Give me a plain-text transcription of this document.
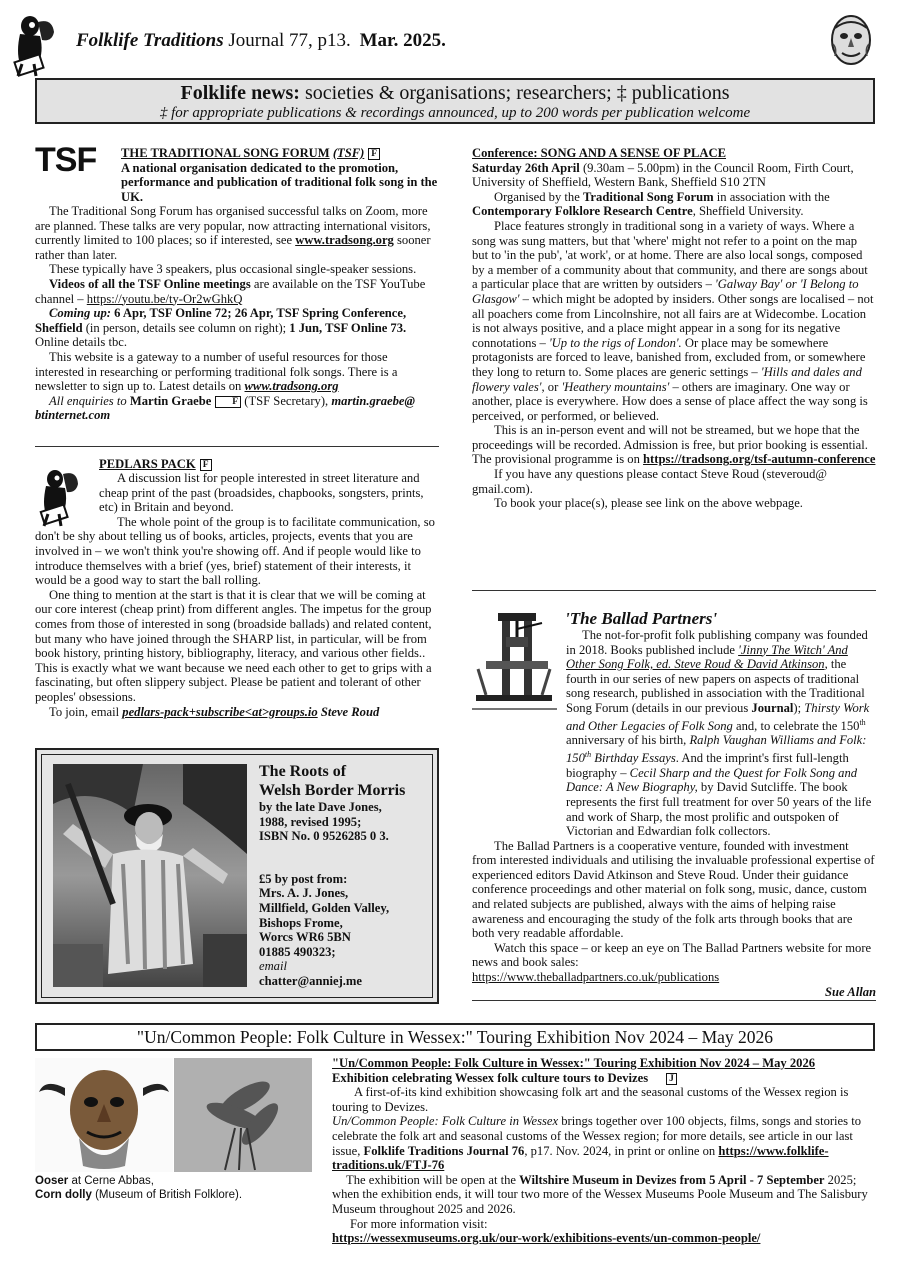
Folklife Traditions Journal 77, p13. Mar. 2025.
Folklife news: societies & organisations; researchers; ‡ publications
‡ for appropriate publications & recordings announced, up to 200 words per publication welcome
TSF THE TRADITIONAL SONG FORUM (TSF) F
A national organisation dedicated to the promotion, performance and publication of traditional folk song in the UK.

The Traditional Song Forum has organised successful talks on Zoom, more are planned. These talks are very popular, now attracting international visitors, currently limited to 100 places; so if interested, see www.tradsong.org sooner rather than later.

These typically have 3 speakers, plus occasional single-speaker sessions.

Videos of all the TSF Online meetings are available on the TSF YouTube channel – https://youtu.be/ty-Or2wGhkQ

Coming up: 6 Apr, TSF Online 72; 26 Apr, TSF Spring Conference, Sheffield (in person, details see column on right); 1 Jun, TSF Online 73. Online details tbc.

This website is a gateway to a number of useful resources for those interested in researching or performing traditional folk songs. There is a newsletter to sign up to. Latest details on www.tradsong.org

All enquiries to Martin Graebe F (TSF Secretary), martin.graebe@ btinternet.com

PEDLARS PACK F

A discussion list for people interested in street literature and cheap print of the past (broadsides, chapbooks, songsters, prints, etc) in Britain and beyond.

The whole point of the group is to facilitate communication, so don't be shy about telling us of books, articles, projects, events that you are involved in – we won't think you're showing off. And if people would like to introduce themselves with a brief (yes, brief) statement of their interests, it would be a good way to start the ball rolling.

One thing to mention at the start is that it is clear that we will be coming at our core interest (cheap print) from different angles. The impetus for the group comes from those of interested in song (broadside ballads) and related content, but many who have joined through the SHARP list, in particular, will be from book history, printing history, bibliography, literacy, and various other fields.. This is exactly what we want because we need each other to get to grips with a fascinating, but often slippery subject. Please be patient and tolerant of other peoples' obsessions.

To join, email pedlars-pack+subscribe<at>groups.io Steve Roud

The Roots of
Welsh Border Morris
by the late Dave Jones,
1988, revised 1995;
ISBN No. 0 9526285 0 3.
£5 by post from:
Mrs. A. J. Jones,
Millfield, Golden Valley,
Bishops Frome,
Worcs WR6 5BN
01885 490323;
email
chatter@anniej.me

Conference: SONG AND A SENSE OF PLACE

Saturday 26th April (9.30am – 5.00pm) in the Council Room, Firth Court, University of Sheffield, Western Bank, Sheffield S10 2TN

Organised by the Traditional Song Forum in association with the Contemporary Folklore Research Centre, Sheffield University.

Place features strongly in traditional song in a variety of ways. Where a song was sung matters, but that 'where' might not refer to a point on the map but to 'in the pub', 'at work', or at home. There are also local songs, composed by a member of a community about that community, and there are songs about a particular place that are written by outsiders – 'Galway Bay' or 'I Belong to Glasgow' – which might be adopted by insiders. Other songs are localised – not all poachers come from Lincolnshire, not all fairs are at Widecombe. Location is not always positive, and a place might appear in a song for its negative connotations – 'Up to the rigs of London'. Or place may be somewhere protagonists are forced to leave, banished from, excluded from, or somewhere they long to return to. Some places are generic settings – 'Hills and dales and flowery vales', or 'Heathery mountains' – others are imaginary. One way or another, place is everywhere. How does a sense of place affect the way song is perceived, or performed, or believed.

This is an in-person event and will not be streamed, but we hope that the proceedings will be recorded. Admission is free, but prior booking is essential. The provisional programme is on https://tradsong.org/tsf-autumn-conference

If you have any questions please contact Steve Roud (steveroud@ gmail.com).

To book your place(s), please see link on the above webpage.

'The Ballad Partners'

The not-for-profit folk publishing company was founded in 2018. Books published include 'Jinny The Witch' And Other Song Folk, ed. Steve Roud & David Atkinson, the fourth in our series of new papers on aspects of traditional song research, published in association with the Traditional Song Forum (details in our previous Journal); Thirsty Work and Other Legacies of Folk Song and, to celebrate the 150th anniversary of his birth, Ralph Vaughan Williams and Folk: 150th Birthday Essays. And the imprint's first full-length biography – Cecil Sharp and the Quest for Folk Song and Dance: A New Biography, by David Sutcliffe. The book represents the first full treatment for over 50 years of the life and work of Sharp, the most prolific and outspoken of Victorian and Edwardian folk collectors.

The Ballad Partners is a cooperative venture, founded with investment from interested individuals and utilising the invaluable professional expertise of experienced editors David Atkinson and Steve Roud. Under their guidance conference proceedings and other material on folk song, music, dance, custom and related subjects are published, always with the aims of helping raise awareness and encouraging the study of the folk arts through books that are both very readable affordable.

Watch this space – or keep an eye on The Ballad Partners website for more news and book sales:

https://www.theballadpartners.co.uk/publications

Sue Allan

"Un/Common People: Folk Culture in Wessex:" Touring Exhibition Nov 2024 – May 2026
Ooser at Cerne Abbas,
Corn dolly (Museum of British Folklore).

"Un/Common People: Folk Culture in Wessex:" Touring Exhibition Nov 2024 – May 2026

Exhibition celebrating Wessex folk culture tours to Devizes J

A first-of-its kind exhibition showcasing folk art and the seasonal customs of the Wessex region is touring to Devizes.

Un/Common People: Folk Culture in Wessex brings together over 100 objects, films, songs and stories to celebrate the folk art and seasonal customs of the Wessex region; for more details, see article in our last issue, Folklife Traditions Journal 76, p17. Nov. 2024, in print or online on https://www.folklife-traditions.uk/FTJ-76

The exhibition will be open at the Wiltshire Museum in Devizes from 5 April - 7 September 2025; when the exhibition ends, it will tour two more of the Wessex Museums Poole Museum and The Salisbury Museum throughout 2025 and 2026.

For more information visit:

https://wessexmuseums.org.uk/our-work/exhibitions-events/un-common-people/
